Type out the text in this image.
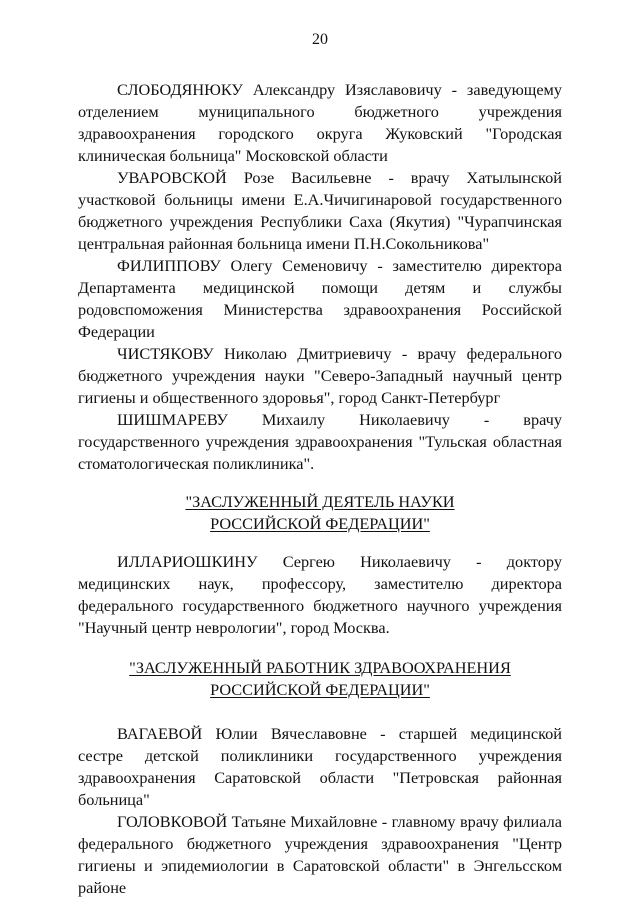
20
СЛОБОДЯНЮКУ Александру Изяславовичу - заведующему отделением муниципального бюджетного учреждения здравоохранения городского округа Жуковский "Городская клиническая больница" Московской области
УВАРОВСКОЙ Розе Васильевне - врачу Хатылынской участковой больницы имени Е.А.Чичигинаровой государственного бюджетного учреждения Республики Саха (Якутия) "Чурапчинская центральная районная больница имени П.Н.Сокольникова"
ФИЛИППОВУ Олегу Семеновичу - заместителю директора Департамента медицинской помощи детям и службы родовспоможения Министерства здравоохранения Российской Федерации
ЧИСТЯКОВУ Николаю Дмитриевичу - врачу федерального бюджетного учреждения науки "Северо-Западный научный центр гигиены и общественного здоровья", город Санкт-Петербург
ШИШМАРЕВУ Михаилу Николаевичу - врачу государственного учреждения здравоохранения "Тульская областная стоматологическая поликлиника".
"ЗАСЛУЖЕННЫЙ ДЕЯТЕЛЬ НАУКИ
РОССИЙСКОЙ ФЕДЕРАЦИИ"
ИЛЛАРИОШКИНУ Сергею Николаевичу - доктору медицинских наук, профессору, заместителю директора федерального государственного бюджетного научного учреждения "Научный центр неврологии", город Москва.
"ЗАСЛУЖЕННЫЙ РАБОТНИК ЗДРАВООХРАНЕНИЯ
РОССИЙСКОЙ ФЕДЕРАЦИИ"
ВАГАЕВОЙ Юлии Вячеславовне - старшей медицинской сестре детской поликлиники государственного учреждения здравоохранения Саратовской области "Петровская районная больница"
ГОЛОВКОВОЙ Татьяне Михайловне - главному врачу филиала федерального бюджетного учреждения здравоохранения "Центр гигиены и эпидемиологии в Саратовской области" в Энгельсском районе
